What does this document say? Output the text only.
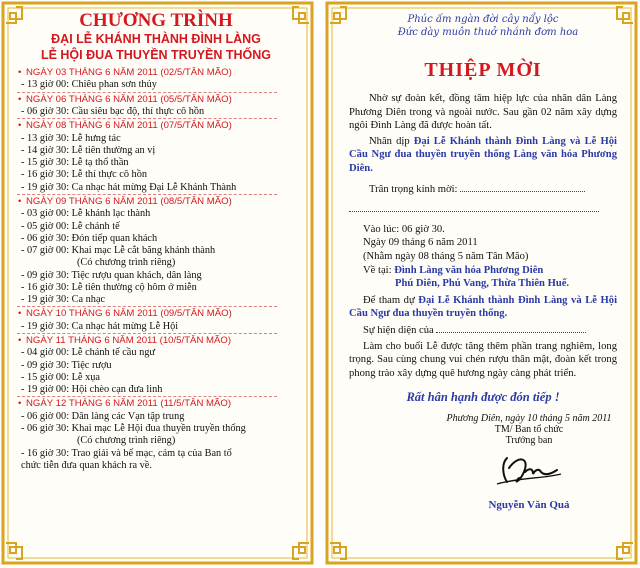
CHƯƠNG TRÌNH
ĐẠI LỄ KHÁNH THÀNH ĐÌNH LÀNG
LỄ HỘI ĐUA THUYỀN TRUYỀN THỐNG
• NGÀY 03 THÁNG 6 NĂM 2011 (02/5/TÂN MÃO)
- 13 giờ 00: Chiêu phan sơn thủy
• NGÀY 06 THÁNG 6 NĂM 2011 (05/5/TÂN MÃO)
- 06 giờ 30: Cầu siêu bạc độ, thí thực cô hồn
• NGÀY 08 THÁNG 6 NĂM 2011 (07/5/TÂN MÃO)
- 13 giờ 30: Lễ hưng tác
- 14 giờ 30: Lễ tiên thường an vị
- 15 giờ 30: Lễ tạ thổ thần
- 16 giờ 30: Lễ thí thực cô hồn
- 19 giờ 30: Ca nhạc hát mừng Đại Lễ Khánh Thành
• NGÀY 09 THÁNG 6 NĂM 2011 (08/5/TÂN MÃO)
- 03 giờ 00: Lễ khánh lạc thành
- 05 giờ 00: Lễ chánh tế
- 06 giờ 30: Đón tiếp quan khách
- 07 giờ 00: Khai mạc Lễ cắt băng khánh thành
(Có chương trình riêng)
- 09 giờ 30: Tiệc rượu quan khách, dân làng
- 16 giờ 30: Lễ tiên thường cộ hôm ở miễn
- 19 giờ 30: Ca nhạc
• NGÀY 10 THÁNG 6 NĂM 2011 (09/5/TÂN MÃO)
- 19 giờ 30: Ca nhạc hát mừng Lễ Hội
• NGÀY 11 THÁNG 6 NĂM 2011 (10/5/TÂN MÃO)
- 04 giờ 00: Lễ chánh tế cầu ngư
- 09 giờ 30: Tiệc rượu
- 15 giờ 00: Lễ xụa
- 19 giờ 00: Hội chèo cạn đưa linh
• NGÀY 12 THÁNG 6 NĂM 2011 (11/5/TÂN MÃO)
- 06 giờ 00: Dân làng các Vạn tập trung
- 06 giờ 30: Khai mạc Lễ Hội đua thuyền truyền thống
(Có chương trình riêng)
- 16 giờ 30: Trao giải và bế mạc, cảm tạ của Ban tổ
chức tiễn đưa quan khách ra về.
Phúc ấm ngàn đời cây nẩy lộc
Đức dày muôn thuở nhánh đơm hoa
THIỆP MỜI
Nhờ sự đoàn kết, đồng tâm hiệp lực của nhân dân Làng Phương Diên trong và ngoài nước. Sau gần 02 năm xây dựng ngôi Đình Làng đã được hoàn tất.
Nhân dịp Đại Lễ Khánh thành Đình Làng và Lễ Hội Cầu Ngư đua thuyền truyền thống Làng văn hóa Phương Diên.
Trân trọng kính mời:
Vào lúc: 06 giờ 30.
Ngày 09 tháng 6 năm 2011
(Nhằm ngày 08 tháng 5 năm Tân Mão)
Về tại: Đình Làng văn hóa Phương Diên
Phú Diên, Phú Vang, Thừa Thiên Huế.
Để tham dự Đại Lễ Khánh thành Đình Làng và Lễ Hội Cầu Ngư đua thuyền truyền thống.
Sự hiện diện của
Làm cho buổi Lễ được tăng thêm phần trang nghiêm, long trọng. Sau cùng chung vui chén rượu thân mật, đoàn kết trong phong trào xây dựng quê hương ngày càng phát triển.
Rất hân hạnh được đón tiếp !
Phương Diên, ngày 10 tháng 5 năm 2011
TM/ Ban tổ chức
Trưởng ban
Nguyễn Văn Quả
